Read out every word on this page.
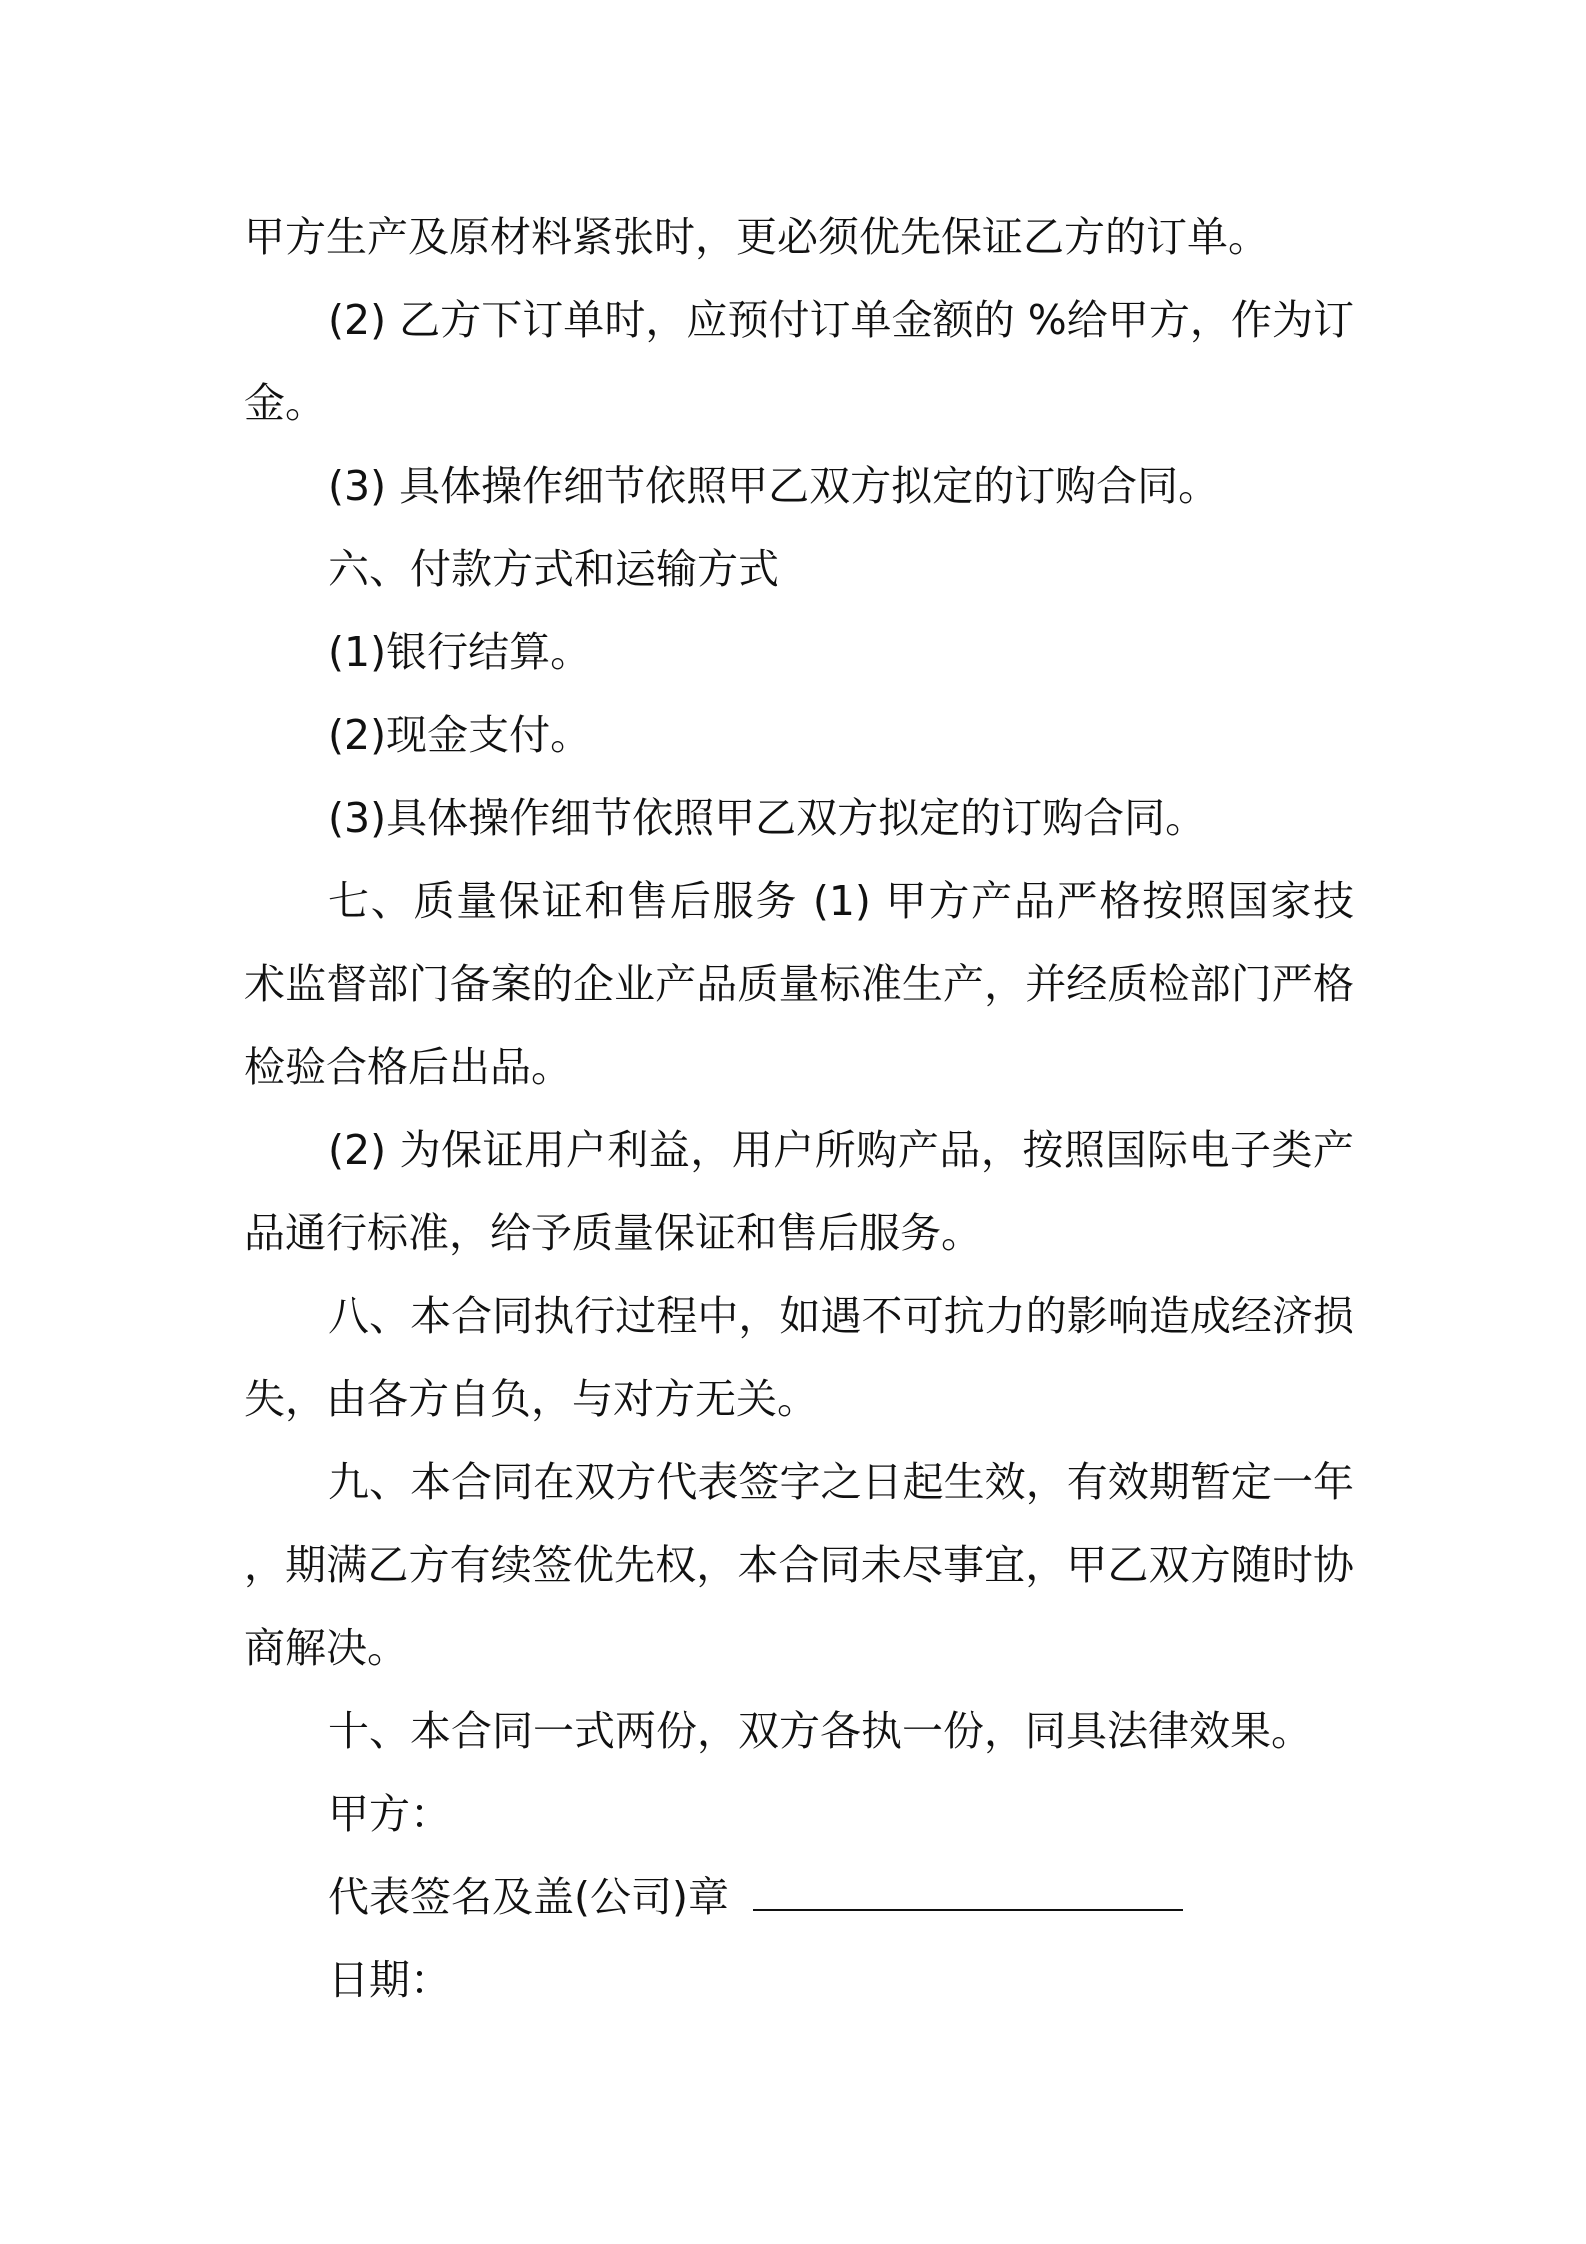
甲方生产及原材料紧张时，更必须优先保证乙方的订单。

(2) 乙方下订单时，应预付订单金额的 %给甲方，作为订金。

(3) 具体操作细节依照甲乙双方拟定的订购合同。

六、付款方式和运输方式

(1)银行结算。

(2)现金支付。

(3)具体操作细节依照甲乙双方拟定的订购合同。

七、质量保证和售后服务 (1) 甲方产品严格按照国家技术监督部门备案的企业产品质量标准生产，并经质检部门严格检验合格后出品。

(2) 为保证用户利益，用户所购产品，按照国际电子类产品通行标准，给予质量保证和售后服务。

八、本合同执行过程中，如遇不可抗力的影响造成经济损失，由各方自负，与对方无关。

九、本合同在双方代表签字之日起生效，有效期暂定一年，期满乙方有续签优先权，本合同未尽事宜，甲乙双方随时协商解决。

十、本合同一式两份，双方各执一份，同具法律效果。

甲方：

代表签名及盖(公司)章

日期：
